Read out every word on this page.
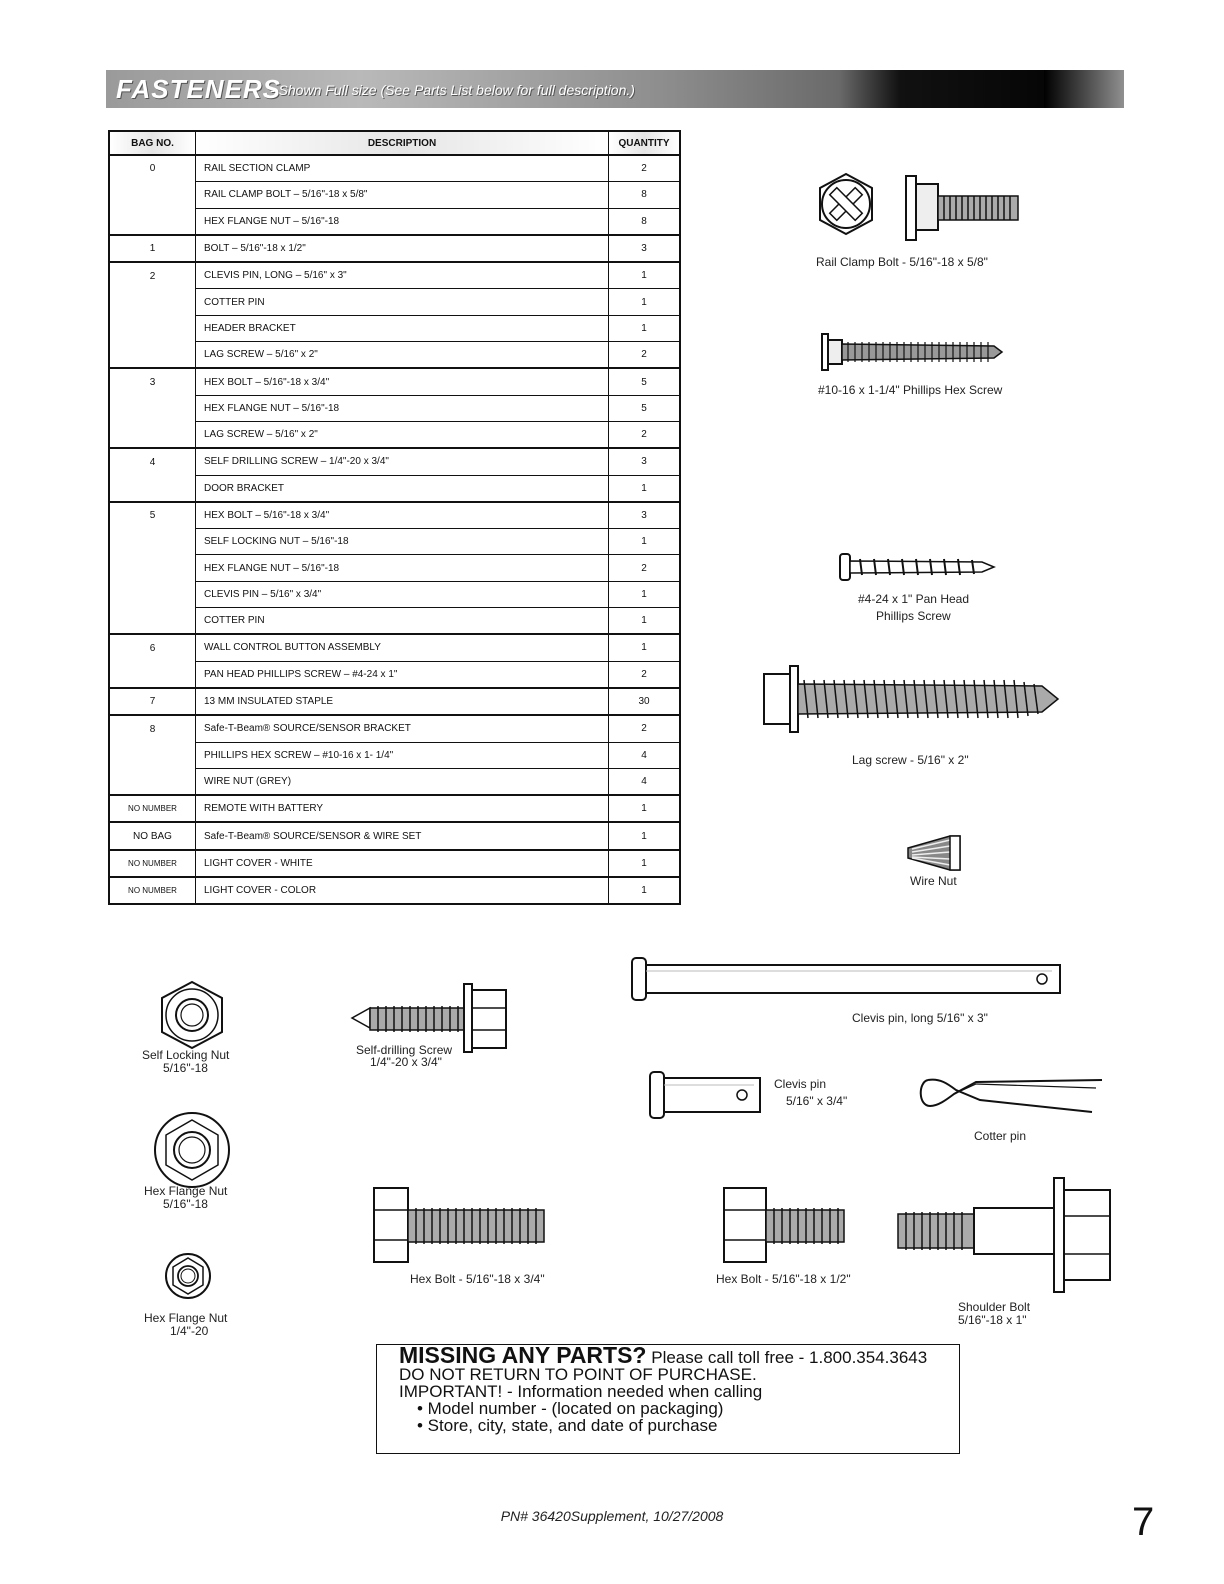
FASTENERS
- Shown Full size (See Parts List below for full description.)
BAG NO.	DESCRIPTION	QUANTITY
0	RAIL SECTION CLAMP	2
	RAIL CLAMP BOLT – 5/16"-18 x 5/8"	8
	HEX FLANGE NUT – 5/16"-18	8
1	BOLT – 5/16"-18 x 1/2"	3
2	CLEVIS PIN, LONG – 5/16" x 3"	1
	COTTER PIN	1
	HEADER BRACKET	1
	LAG SCREW – 5/16" x 2"	2
3	HEX BOLT – 5/16"-18 x 3/4"	5
	HEX FLANGE NUT – 5/16"-18	5
	LAG SCREW – 5/16" x 2"	2
4	SELF DRILLING SCREW – 1/4"-20 x 3/4"	3
	DOOR BRACKET	1
5	HEX BOLT – 5/16"-18 x 3/4"	3
	SELF LOCKING NUT – 5/16"-18	1
	HEX FLANGE NUT – 5/16"-18	2
	CLEVIS PIN – 5/16" x 3/4"	1
	COTTER PIN	1
6	WALL CONTROL BUTTON ASSEMBLY	1
	PAN HEAD PHILLIPS SCREW – #4-24 x 1"	2
7	13 MM INSULATED STAPLE	30
8	Safe-T-Beam® SOURCE/SENSOR BRACKET	2
	PHILLIPS HEX SCREW – #10-16 x 1- 1/4"	4
	WIRE NUT (GREY)	4
NO NUMBER	REMOTE WITH BATTERY	1
NO BAG	Safe-T-Beam® SOURCE/SENSOR & WIRE SET	1
NO NUMBER	LIGHT COVER - WHITE	1
NO NUMBER	LIGHT COVER - COLOR	1
Rail Clamp Bolt - 5/16"-18 x 5/8"
#10-16 x 1-1/4" Phillips Hex Screw
#4-24 x 1" Pan Head
Phillips Screw
Lag screw - 5/16" x 2"
Wire Nut
Self Locking Nut
5/16"-18
Self-drilling Screw
1/4"-20 x 3/4"
Clevis pin, long 5/16" x 3"
Clevis pin
5/16" x 3/4"
Cotter pin
Hex Flange Nut
5/16"-18
Hex Bolt - 5/16"-18 x 3/4"	Hex Bolt - 5/16"-18 x 1/2"
Shoulder Bolt
5/16"-18 x 1"
Hex Flange Nut
1/4"-20
MISSING ANY PARTS? Please call toll free - 1.800.354.3643
DO NOT RETURN TO POINT OF PURCHASE.
IMPORTANT! - Information needed when calling
• Model number - (located on packaging)
• Store, city, state, and date of purchase
PN# 36420Supplement, 10/27/2008	7
